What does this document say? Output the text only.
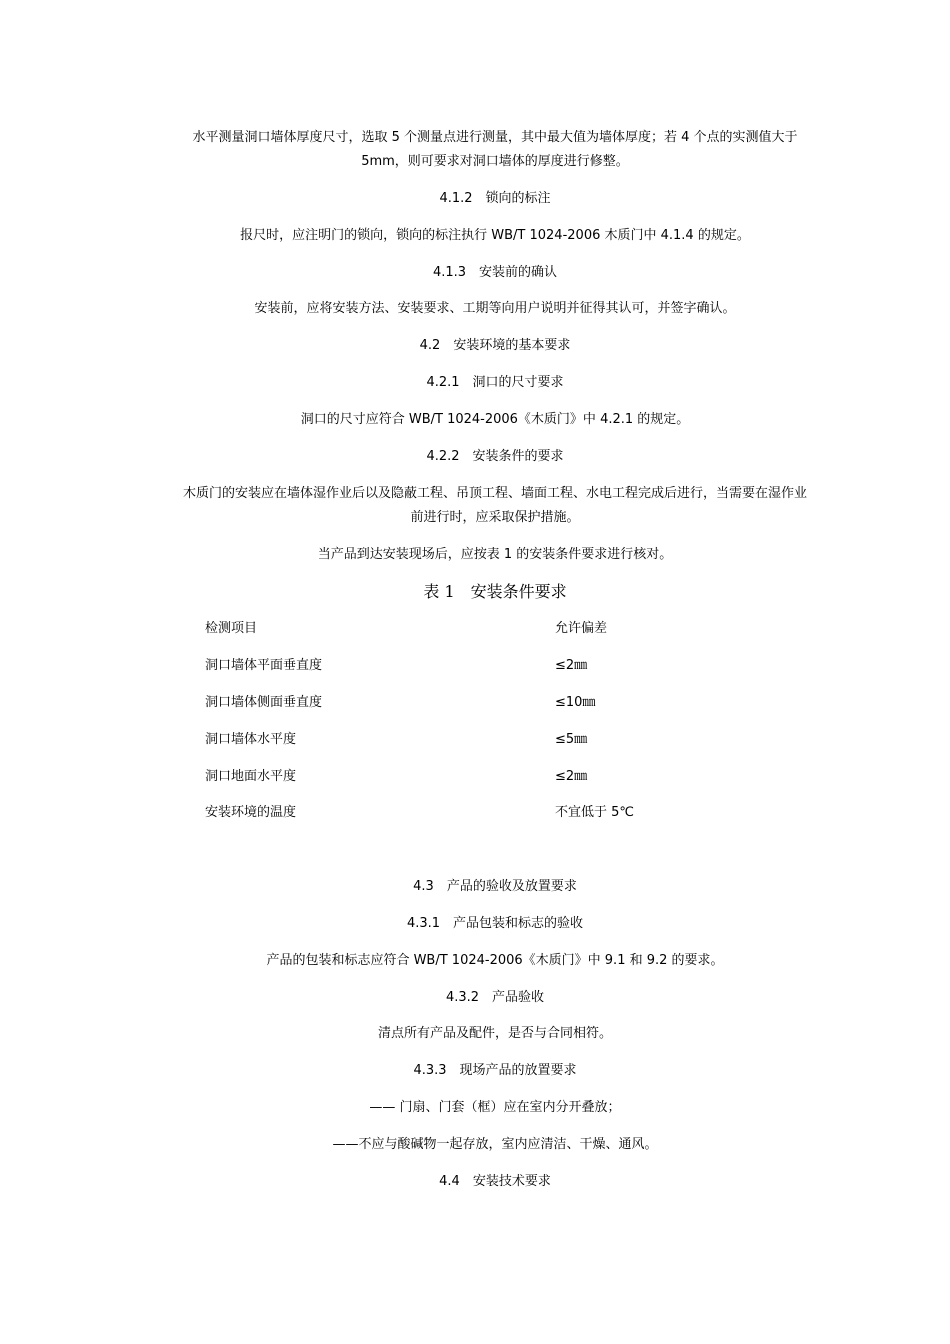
水平测量洞口墙体厚度尺寸，选取 5 个测量点进行测量，其中最大值为墙体厚度；若 4 个点的实测值大于 5mm，则可要求对洞口墙体的厚度进行修整。
4.1.2　锁向的标注
报尺时，应注明门的锁向，锁向的标注执行 WB/T 1024-2006 木质门中 4.1.4 的规定。
4.1.3　安装前的确认
安装前，应将安装方法、安装要求、工期等向用户说明并征得其认可，并签字确认。
4.2　安装环境的基本要求
4.2.1　洞口的尺寸要求
洞口的尺寸应符合 WB/T 1024-2006《木质门》中 4.2.1 的规定。
4.2.2　安装条件的要求
木质门的安装应在墙体湿作业后以及隐蔽工程、吊顶工程、墙面工程、水电工程完成后进行，当需要在湿作业前进行时，应采取保护措施。
当产品到达安装现场后，应按表 1 的安装条件要求进行核对。
表 1　安装条件要求
检测项目	允许偏差
洞口墙体平面垂直度	≤2㎜
洞口墙体侧面垂直度	≤10㎜
洞口墙体水平度	≤5㎜
洞口地面水平度	≤2㎜
安装环境的温度	不宜低于 5℃
4.3　产品的验收及放置要求
4.3.1　产品包装和标志的验收
产品的包装和标志应符合 WB/T 1024-2006《木质门》中 9.1 和 9.2 的要求。
4.3.2　产品验收
清点所有产品及配件，是否与合同相符。
4.3.3　现场产品的放置要求
—— 门扇、门套（框）应在室内分开叠放；
——不应与酸碱物一起存放，室内应清洁、干燥、通风。
4.4　安装技术要求
